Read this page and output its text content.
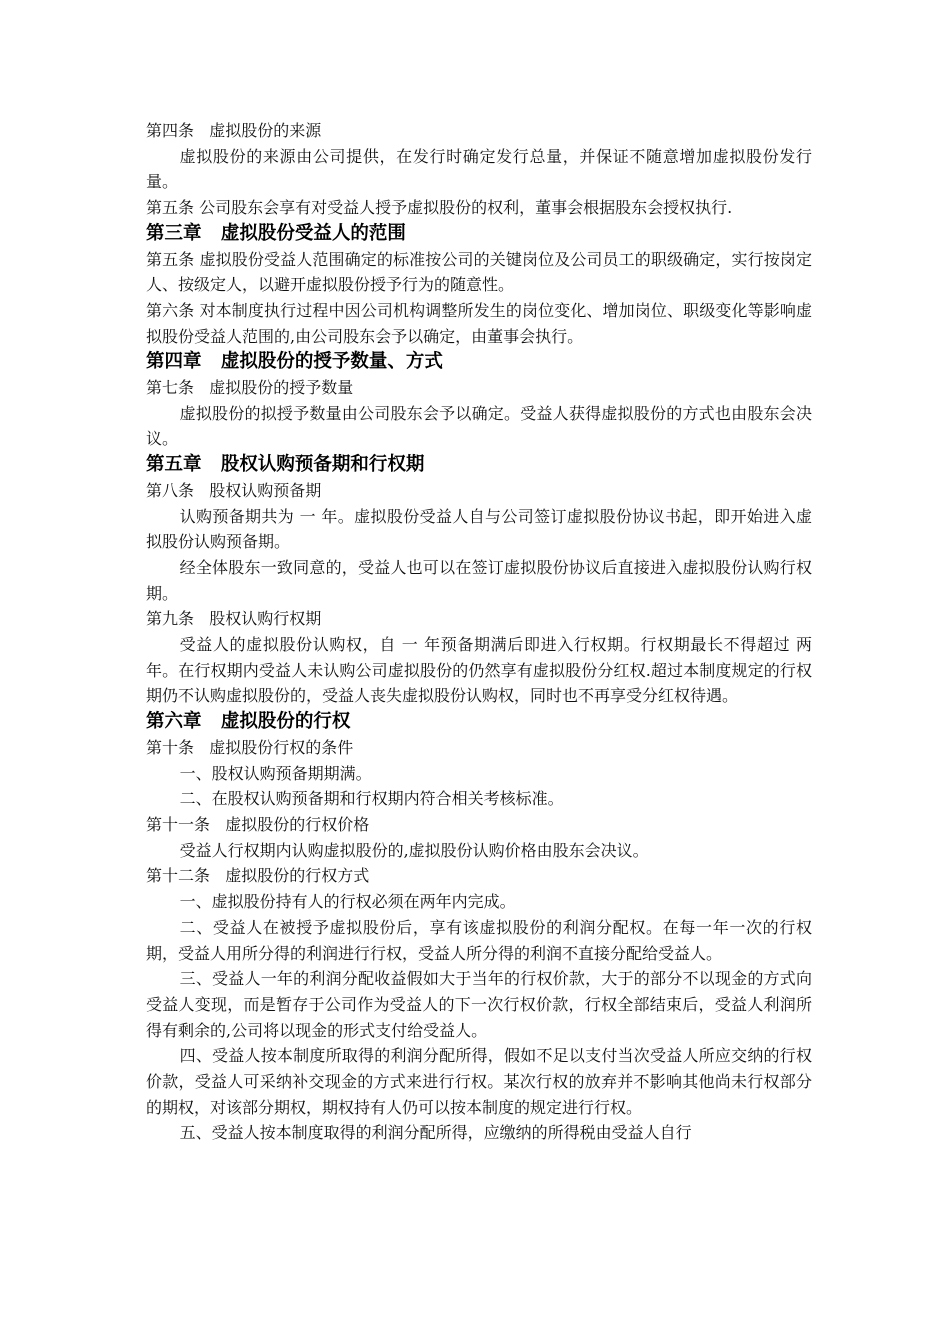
第四条   虚拟股份的来源

虚拟股份的来源由公司提供，在发行时确定发行总量，并保证不随意增加虚拟股份发行量。

第五条 公司股东会享有对受益人授予虚拟股份的权利，董事会根据股东会授权执行.

第三章   虚拟股份受益人的范围

第五条 虚拟股份受益人范围确定的标准按公司的关键岗位及公司员工的职级确定，实行按岗定人、按级定人，以避开虚拟股份授予行为的随意性。

第六条 对本制度执行过程中因公司机构调整所发生的岗位变化、增加岗位、职级变化等影响虚拟股份受益人范围的,由公司股东会予以确定，由董事会执行。

第四章   虚拟股份的授予数量、方式

第七条   虚拟股份的授予数量

虚拟股份的拟授予数量由公司股东会予以确定。受益人获得虚拟股份的方式也由股东会决议。

第五章   股权认购预备期和行权期

第八条   股权认购预备期

认购预备期共为 一 年。虚拟股份受益人自与公司签订虚拟股份协议书起，即开始进入虚拟股份认购预备期。

经全体股东一致同意的，受益人也可以在签订虚拟股份协议后直接进入虚拟股份认购行权期。

第九条   股权认购行权期

受益人的虚拟股份认购权，自 一 年预备期满后即进入行权期。行权期最长不得超过 两 年。在行权期内受益人未认购公司虚拟股份的仍然享有虚拟股份分红权.超过本制度规定的行权期仍不认购虚拟股份的，受益人丧失虚拟股份认购权，同时也不再享受分红权待遇。

第六章   虚拟股份的行权

第十条   虚拟股份行权的条件

一、股权认购预备期期满。

二、在股权认购预备期和行权期内符合相关考核标准。

第十一条   虚拟股份的行权价格

受益人行权期内认购虚拟股份的,虚拟股份认购价格由股东会决议。

第十二条   虚拟股份的行权方式

一、虚拟股份持有人的行权必须在两年内完成。

二、受益人在被授予虚拟股份后，享有该虚拟股份的利润分配权。在每一年一次的行权期，受益人用所分得的利润进行行权，受益人所分得的利润不直接分配给受益人。

三、受益人一年的利润分配收益假如大于当年的行权价款，大于的部分不以现金的方式向受益人变现，而是暂存于公司作为受益人的下一次行权价款，行权全部结束后，受益人利润所得有剩余的,公司将以现金的形式支付给受益人。

四、受益人按本制度所取得的利润分配所得，假如不足以支付当次受益人所应交纳的行权价款，受益人可采纳补交现金的方式来进行行权。某次行权的放弃并不影响其他尚未行权部分的期权，对该部分期权，期权持有人仍可以按本制度的规定进行行权。

五、受益人按本制度取得的利润分配所得，应缴纳的所得税由受益人自行
